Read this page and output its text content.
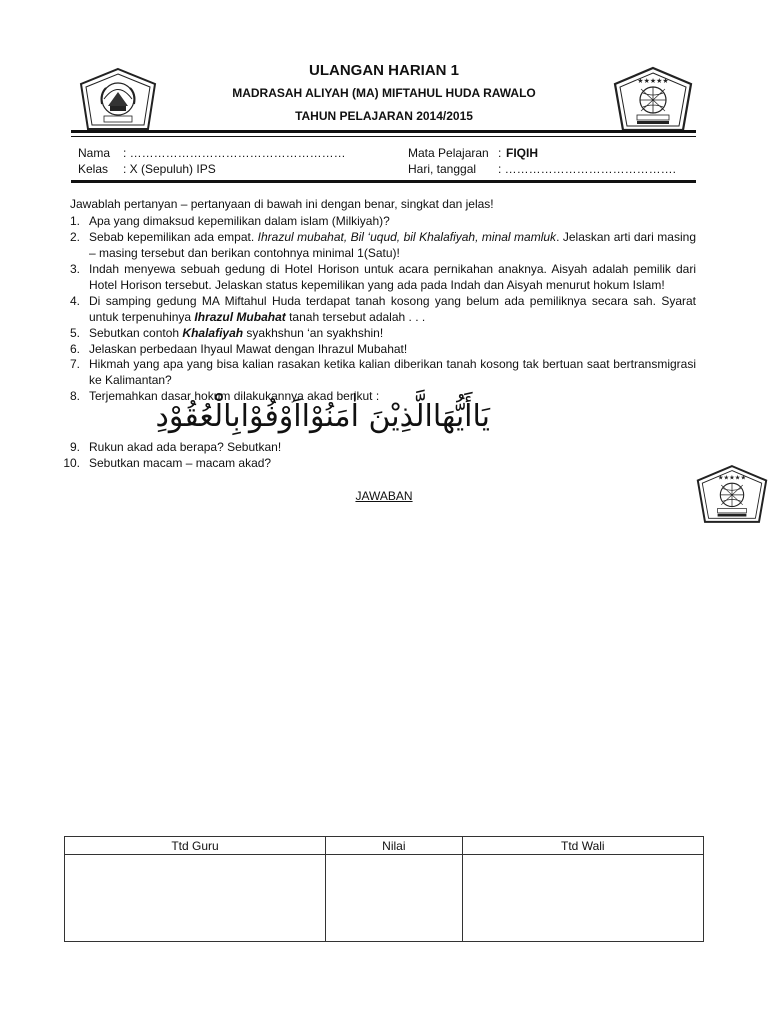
★★★★★
ULANGAN HARIAN 1
MADRASAH ALIYAH (MA) MIFTAHUL HUDA RAWALO
TAHUN PELAJARAN 2014/2015
Nama : ………………………………………………
Kelas : X (Sepuluh) IPS
Mata Pelajaran : FIQIH
Hari, tanggal : …………………………………….
Jawablah pertanyan – pertanyaan di bawah ini dengan benar, singkat dan jelas!
1. Apa yang dimaksud kepemilikan dalam islam (Milkiyah)?
2. Sebab kepemilikan ada empat. Ihrazul mubahat, Bil ‘uqud, bil Khalafiyah, minal mamluk. Jelaskan arti dari masing – masing tersebut dan berikan contohnya minimal 1(Satu)!
3. Indah menyewa sebuah gedung di Hotel Horison untuk acara pernikahan anaknya. Aisyah adalah pemilik dari Hotel Horison tersebut. Jelaskan status kepemilikan yang ada pada Indah dan Aisyah menurut hokum Islam!
4. Di samping gedung MA Miftahul Huda terdapat tanah kosong yang belum ada pemiliknya secara sah. Syarat untuk terpenuhinya Ihrazul Mubahat tanah tersebut adalah . . .
5. Sebutkan contoh Khalafiyah syakhshun ‘an syakhshin!
6. Jelaskan perbedaan Ihyaul Mawat dengan Ihrazul Mubahat!
7. Hikmah yang apa yang bisa kalian rasakan ketika kalian diberikan tanah kosong tak bertuan saat bertransmigrasi ke Kalimantan?
8. Terjemahkan dasar hokum dilakukannya akad berikut :
يَاأَيُّهَاالَّذِيْنَ اٰمَنُوْااَوْفُوْابِالْعُقُوْدِ
9. Rukun akad ada berapa? Sebutkan!
10. Sebutkan macam – macam akad?
JAWABAN
★★★★★
Ttd Guru	Nilai	Ttd Wali
